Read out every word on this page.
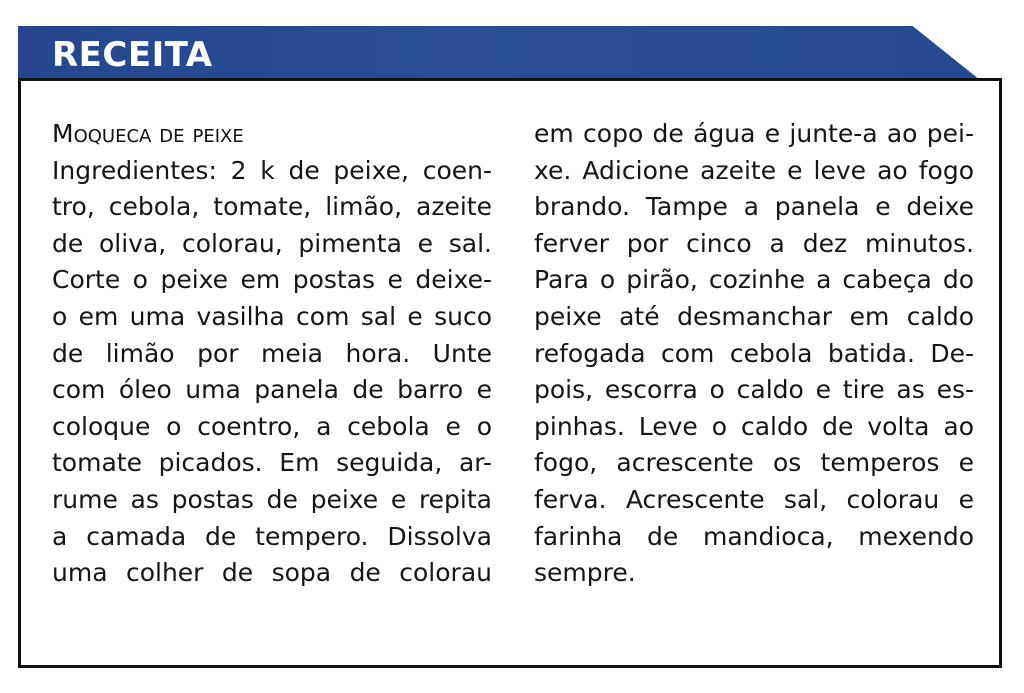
RECEITA
Moqueca de peixe
Ingredientes: 2 k de peixe, coen-
tro, cebola, tomate, limão, azeite
de oliva, colorau, pimenta e sal.
Corte o peixe em postas e deixe-
o em uma vasilha com sal e suco
de limão por meia hora. Unte
com óleo uma panela de barro e
coloque o coentro, a cebola e o
tomate picados. Em seguida, ar-
rume as postas de peixe e repita
a camada de tempero. Dissolva
uma colher de sopa de colorau
em copo de água e junte-a ao pei-
xe. Adicione azeite e leve ao fogo
brando. Tampe a panela e deixe
ferver por cinco a dez minutos.
Para o pirão, cozinhe a cabeça do
peixe até desmanchar em caldo
refogada com cebola batida. De-
pois, escorra o caldo e tire as es-
pinhas. Leve o caldo de volta ao
fogo, acrescente os temperos e
ferva. Acrescente sal, colorau e
farinha de mandioca, mexendo
sempre.
